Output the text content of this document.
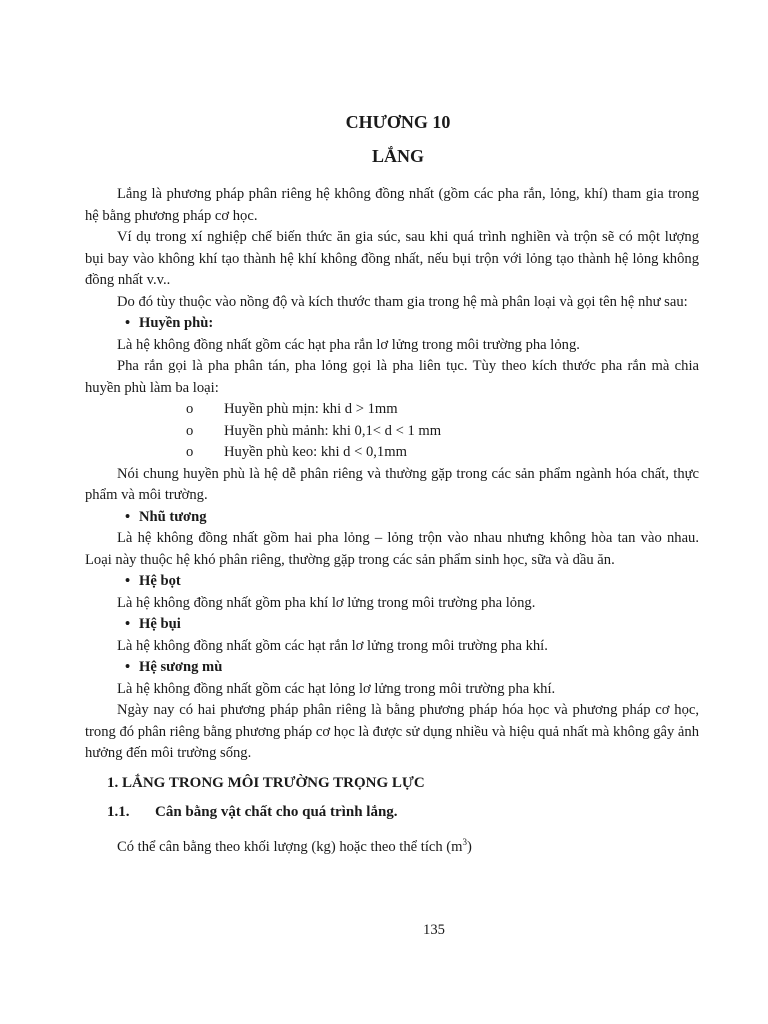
CHƯƠNG 10
LẮNG

Lắng là phương pháp phân riêng hệ không đồng nhất (gồm các pha rắn, lỏng, khí) tham gia trong hệ bằng phương pháp cơ học.

Ví dụ trong xí nghiệp chế biến thức ăn gia súc, sau khi quá trình nghiền và trộn sẽ có một lượng bụi bay vào không khí tạo thành hệ khí không đồng nhất, nếu bụi trộn với lỏng tạo thành hệ lỏng không đồng nhất v.v..

Do đó tùy thuộc vào nồng độ và kích thước tham gia trong hệ mà phân loại và gọi tên hệ như sau:

• Huyền phù:

Là hệ không đồng nhất gồm các hạt pha rắn lơ lửng trong môi trường pha lỏng.

Pha rắn gọi là pha phân tán, pha lỏng gọi là pha liên tục. Tùy theo kích thước pha rắn mà chia huyền phù làm ba loại:

o	Huyền phù mịn: khi d > 1mm

o	Huyền phù mảnh: khi 0,1< d < 1 mm

o	Huyền phù keo: khi d < 0,1mm

Nói chung huyền phù là hệ dễ phân riêng và thường gặp trong các sản phẩm ngành hóa chất, thực phẩm và môi trường.

• Nhũ tương

Là hệ không đồng nhất gồm hai pha lỏng – lỏng trộn vào nhau nhưng không hòa tan vào nhau. Loại này thuộc hệ khó phân riêng, thường gặp trong các sản phẩm sinh học, sữa và dầu ăn.

• Hệ bọt

Là hệ không đồng nhất gồm pha khí lơ lửng trong môi trường pha lỏng.

• Hệ bụi

Là hệ không đồng nhất gồm các hạt rắn lơ lửng trong môi trường pha khí.

• Hệ sương mù

Là hệ không đồng nhất gồm các hạt lỏng lơ lửng trong môi trường pha khí.

Ngày nay có hai phương pháp phân riêng là bằng phương pháp hóa học và phương pháp cơ học, trong đó phân riêng bằng phương pháp cơ học là được sử dụng nhiều và hiệu quả nhất mà không gây ảnh hưởng đến môi trường sống.

1. LẮNG TRONG MÔI TRƯỜNG TRỌNG LỰC

1.1.	Cân bằng vật chất cho quá trình lắng.

Có thể cân bằng theo khối lượng (kg) hoặc theo thể tích $(m^3)$

135
